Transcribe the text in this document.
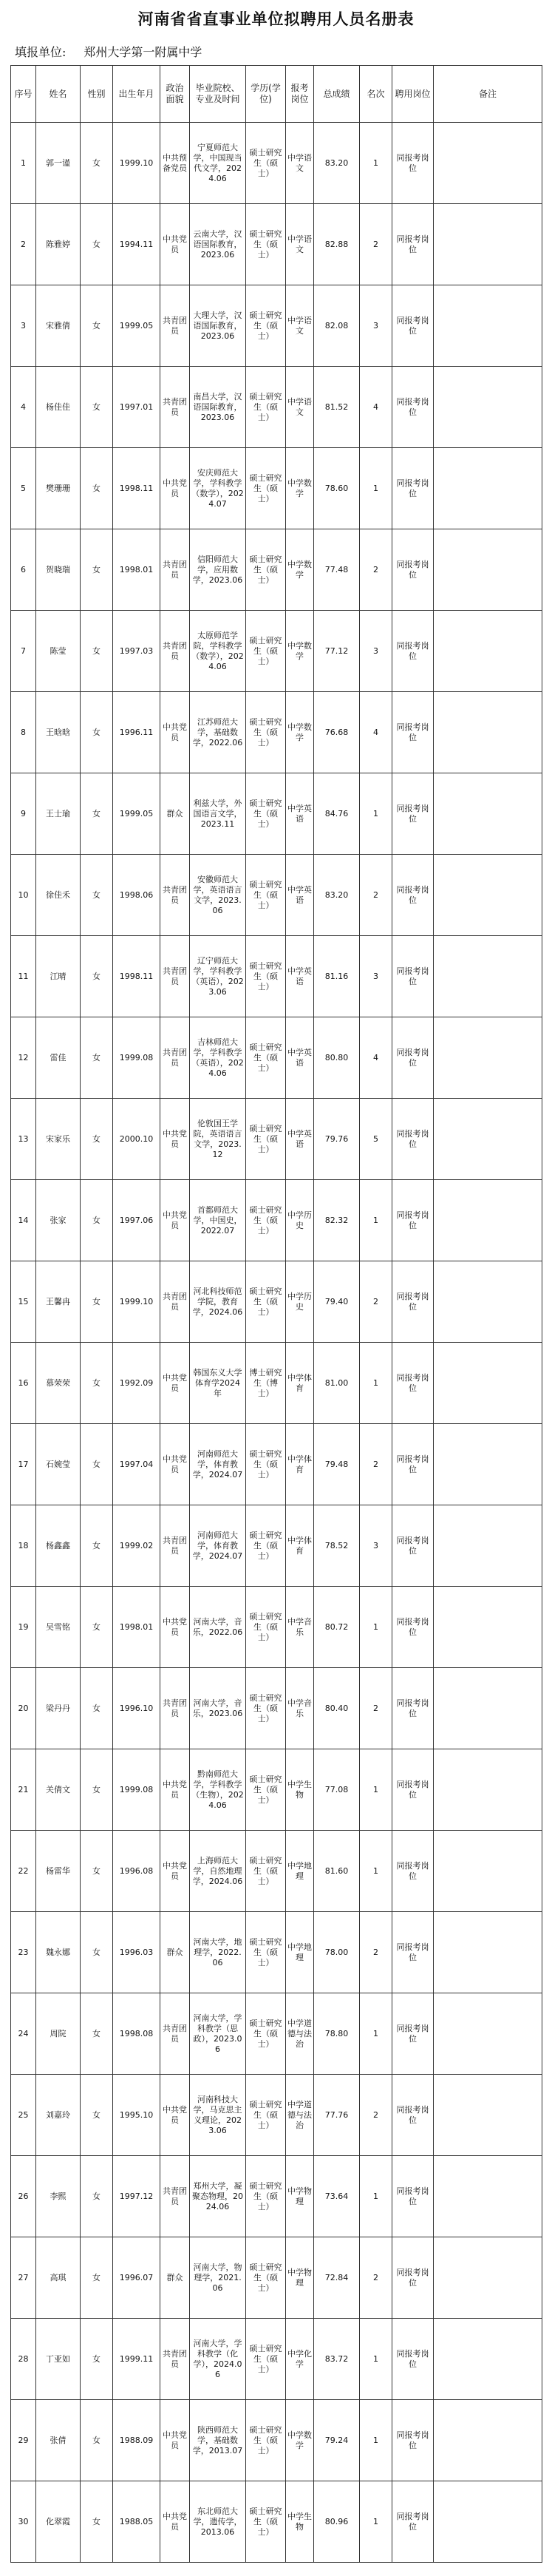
河南省省直事业单位拟聘用人员名册表
填报单位: 郑州大学第一附属中学
序号	姓名	性别	出生年月	政治面貌	毕业院校、专业及时间	学历(学位)	报考岗位	总成绩	名次	聘用岗位	备注
1	郭一谨	女	1999.10	中共预备党员	宁夏师范大学，中国现当代文学，2024.06	硕士研究生（硕士）	中学语文	83.20	1	同报考岗位	
2	陈雅婷	女	1994.11	中共党员	云南大学，汉语国际教育，2023.06	硕士研究生（硕士）	中学语文	82.88	2	同报考岗位	
3	宋雅倩	女	1999.05	共青团员	大理大学，汉语国际教育，2023.06	硕士研究生（硕士）	中学语文	82.08	3	同报考岗位	
4	杨佳佳	女	1997.01	共青团员	南昌大学，汉语国际教育，2023.06	硕士研究生（硕士）	中学语文	81.52	4	同报考岗位	
5	樊珊珊	女	1998.11	中共党员	安庆师范大学，学科教学（数学），2024.07	硕士研究生（硕士）	中学数学	78.60	1	同报考岗位	
6	贺晓瑞	女	1998.01	共青团员	信阳师范大学，应用数学，2023.06	硕士研究生（硕士）	中学数学	77.48	2	同报考岗位	
7	陈莹	女	1997.03	共青团员	太原师范学院，学科教学（数学），2024.06	硕士研究生（硕士）	中学数学	77.12	3	同报考岗位	
8	王晗晗	女	1996.11	中共党员	江苏师范大学，基础数学，2022.06	硕士研究生（硕士）	中学数学	76.68	4	同报考岗位	
9	王士瑜	女	1999.05	群众	利兹大学，外国语言文学，2023.11	硕士研究生（硕士）	中学英语	84.76	1	同报考岗位	
10	徐佳禾	女	1998.06	共青团员	安徽师范大学，英语语言文学，2023.06	硕士研究生（硕士）	中学英语	83.20	2	同报考岗位	
11	江晴	女	1998.11	共青团员	辽宁师范大学，学科教学（英语），2023.06	硕士研究生（硕士）	中学英语	81.16	3	同报考岗位	
12	雷佳	女	1999.08	共青团员	吉林师范大学，学科教学（英语），2024.06	硕士研究生（硕士）	中学英语	80.80	4	同报考岗位	
13	宋家乐	女	2000.10	中共党员	伦敦国王学院，英语语言文学，2023.12	硕士研究生（硕士）	中学英语	79.76	5	同报考岗位	
14	张家	女	1997.06	中共党员	首都师范大学，中国史，2022.07	硕士研究生（硕士）	中学历史	82.32	1	同报考岗位	
15	王馨冉	女	1999.10	共青团员	河北科技师范学院，教育学，2024.06	硕士研究生（硕士）	中学历史	79.40	2	同报考岗位	
16	慕荣荣	女	1992.09	中共党员	韩国东义大学体育学2024年	博士研究生（博士）	中学体育	81.00	1	同报考岗位	
17	石婉莹	女	1997.04	中共党员	河南师范大学，体育教学，2024.07	硕士研究生（硕士）	中学体育	79.48	2	同报考岗位	
18	杨鑫鑫	女	1999.02	共青团员	河南师范大学，体育教学，2024.07	硕士研究生（硕士）	中学体育	78.52	3	同报考岗位	
19	吴雪铭	女	1998.01	中共党员	河南大学，音乐，2022.06	硕士研究生（硕士）	中学音乐	80.72	1	同报考岗位	
20	梁丹丹	女	1996.10	共青团员	河南大学，音乐，2023.06	硕士研究生（硕士）	中学音乐	80.40	2	同报考岗位	
21	关倩文	女	1999.08	中共党员	黔南师范大学，学科教学（生物），2024.06	硕士研究生（硕士）	中学生物	77.08	1	同报考岗位	
22	杨雷华	女	1996.08	中共党员	上海师范大学，自然地理学，2024.06	硕士研究生（硕士）	中学地理	81.60	1	同报考岗位	
23	魏永娜	女	1996.03	群众	河南大学，地理学，2022.06	硕士研究生（硕士）	中学地理	78.00	2	同报考岗位	
24	周院	女	1998.08	共青团员	河南大学，学科教学（思政），2023.06	硕士研究生（硕士）	中学道德与法治	78.80	1	同报考岗位	
25	刘嘉玲	女	1995.10	中共党员	河南科技大学，马克思主义理论，2023.06	硕士研究生（硕士）	中学道德与法治	77.76	2	同报考岗位	
26	李熙	女	1997.12	共青团员	郑州大学，凝聚态物理，2024.06	硕士研究生（硕士）	中学物理	73.64	1	同报考岗位	
27	高琪	女	1996.07	群众	河南大学，物理学，2021.06	硕士研究生（硕士）	中学物理	72.84	2	同报考岗位	
28	丁亚如	女	1999.11	共青团员	河南大学，学科教学（化学），2024.06	硕士研究生（硕士）	中学化学	83.72	1	同报考岗位	
29	张倩	女	1988.09	中共党员	陕西师范大学，基础数学，2013.07	硕士研究生（硕士）	中学数学	79.24	1	同报考岗位	
30	化翠霞	女	1988.05	中共党员	东北师范大学，遗传学，2013.06	硕士研究生（硕士）	中学生物	80.96	1	同报考岗位	
